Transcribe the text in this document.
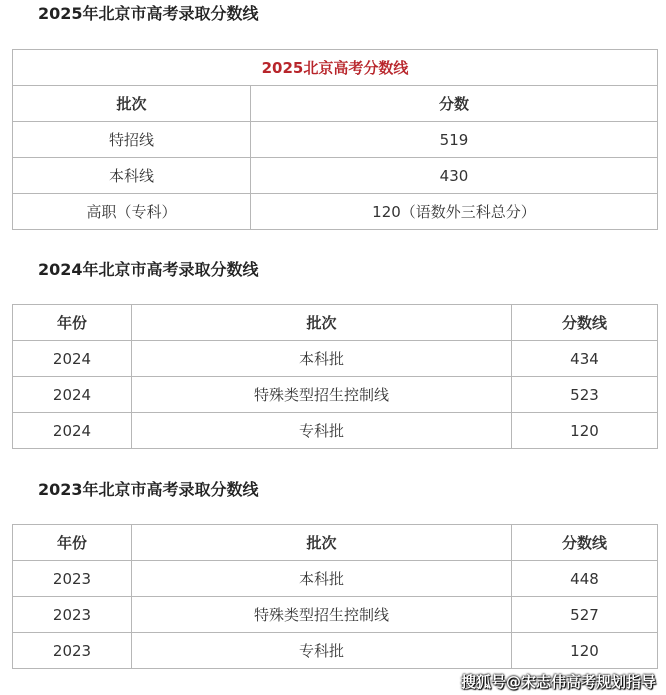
2025年北京市高考录取分数线
2025北京高考分数线	
批次	分数
特招线	519
本科线	430
高职（专科）	120（语数外三科总分）
2024年北京市高考录取分数线
年份	批次	分数线
2024	本科批	434
2024	特殊类型招生控制线	523
2024	专科批	120
2023年北京市高考录取分数线
年份	批次	分数线
2023	本科批	448
2023	特殊类型招生控制线	527
2023	专科批	120
搜狐号@宋志伟高考规划指导
